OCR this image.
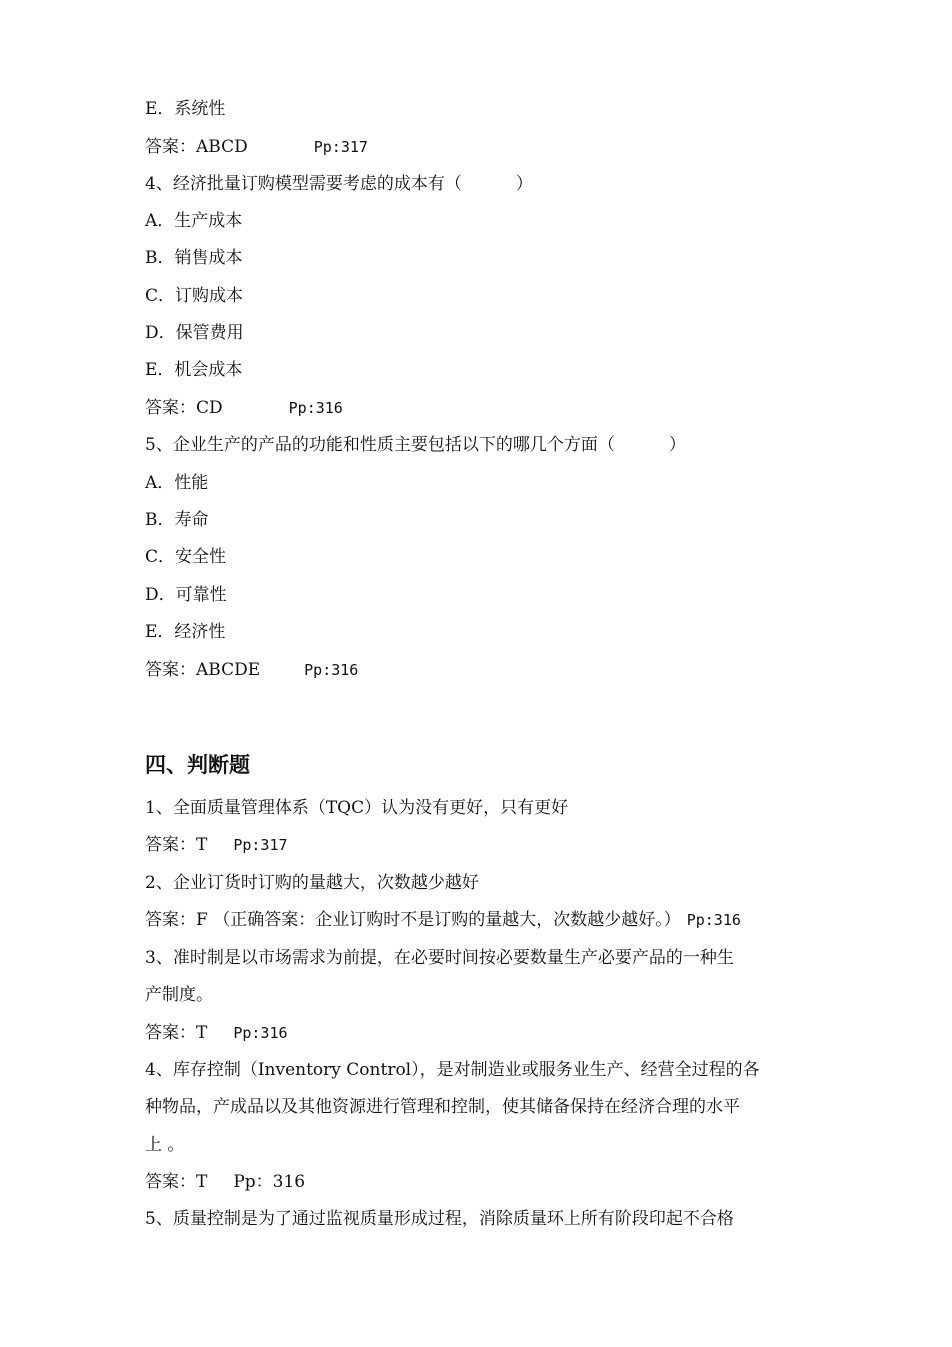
E．系统性
答案：ABCD	Pp:317
4、经济批量订购模型需要考虑的成本有（          ）
A．生产成本
B．销售成本
C．订购成本
D．保管费用
E．机会成本
答案：CD	Pp:316
5、企业生产的产品的功能和性质主要包括以下的哪几个方面（          ）
A．性能
B．寿命
C．安全性
D．可靠性
E．经济性
答案：ABCDE	Pp:316
四、判断题
1、全面质量管理体系（TQC）认为没有更好，只有更好
答案：T Pp:317
2、企业订货时订购的量越大，次数越少越好
答案：F （正确答案：企业订购时不是订购的量越大，次数越少越好。） Pp:316
3、准时制是以市场需求为前提，在必要时间按必要数量生产必要产品的一种生
产制度。
答案：T Pp:316
4、库存控制（Inventory Control），是对制造业或服务业生产、经营全过程的各
种物品，产成品以及其他资源进行管理和控制，使其储备保持在经济合理的水平
上 。
答案：T Pp：316
5、质量控制是为了通过监视质量形成过程，消除质量环上所有阶段印起不合格
